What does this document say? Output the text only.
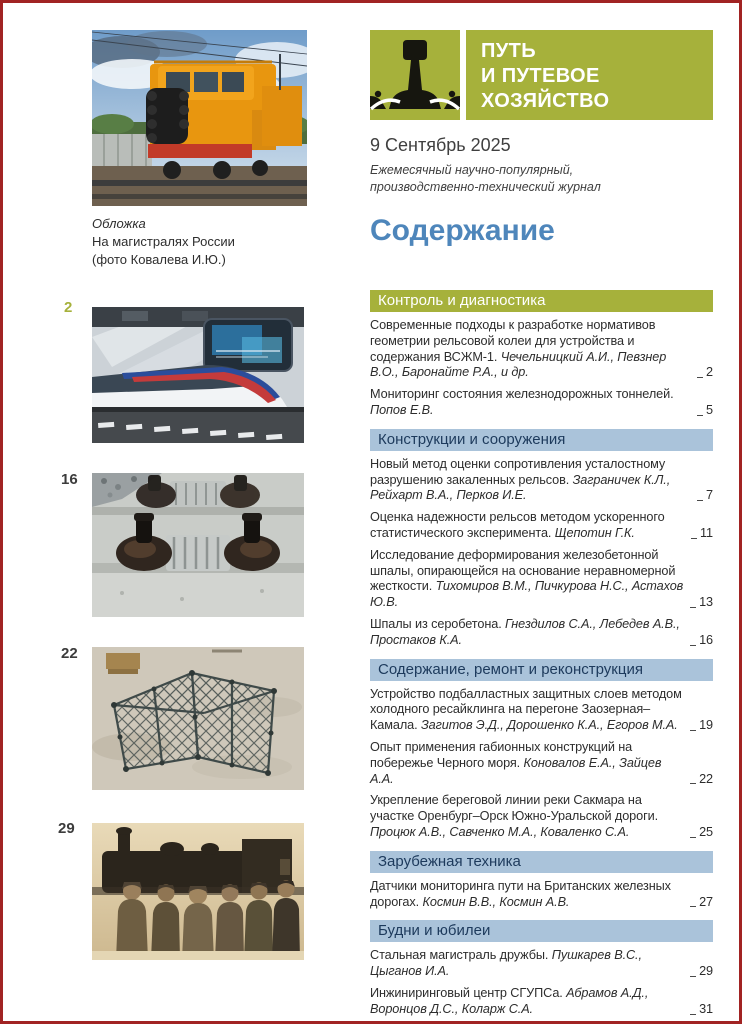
Обложка
На магистралях России
(фото Ковалева И.Ю.)
ПУТЬ
И ПУТЕВОЕ
ХОЗЯЙСТВО
9 Сентябрь 2025
Ежемесячный научно-популярный,
производственно-технический журнал
Содержание
2
16
22
29
Контроль и диагностика
Современные подходы к разработке нормативов геометрии рельсовой колеи для устройства и содержания ВСЖМ-1. Чечельницкий А.И., Певзнер В.О., Баронайте Р.А., и др.	2
Мониторинг состояния железнодорожных тоннелей. Попов Е.В.	5
Конструкции и сооружения
Новый метод оценки сопротивления усталостному разрушению закаленных рельсов. Заграничек К.Л., Рейхарт В.А., Перков И.Е.	7
Оценка надежности рельсов методом ускоренного статистического эксперимента. Щепотин Г.К.	11
Исследование деформирования железобетонной шпалы, опирающейся на основание неравномерной жесткости. Тихомиров В.М., Пичкурова Н.С., Астахов Ю.В.	13
Шпалы из серобетона. Гнездилов С.А., Лебедев А.В., Простаков К.А.	16
Содержание, ремонт и реконструкция
Устройство подбалластных защитных слоев методом холодного ресайклинга на перегоне Заозерная–Камала. Загитов Э.Д., Дорошенко К.А., Егоров М.А.	19
Опыт применения габионных конструкций на побережье Черного моря. Коновалов Е.А., Зайцев А.А.	22
Укрепление береговой линии реки Сакмара на участке Оренбург–Орск Южно-Уральской дороги. Процюк А.В., Савченко М.А., Коваленко С.А.	25
Зарубежная техника
Датчики мониторинга пути на Британских железных дорогах. Космин В.В., Космин А.В.	27
Будни и юбилеи
Стальная магистраль дружбы. Пушкарев В.С., Цыганов И.А.	29
Инжиниринговый центр СГУПСа. Абрамов А.Д., Воронцов Д.С., Коларж С.А.	31
